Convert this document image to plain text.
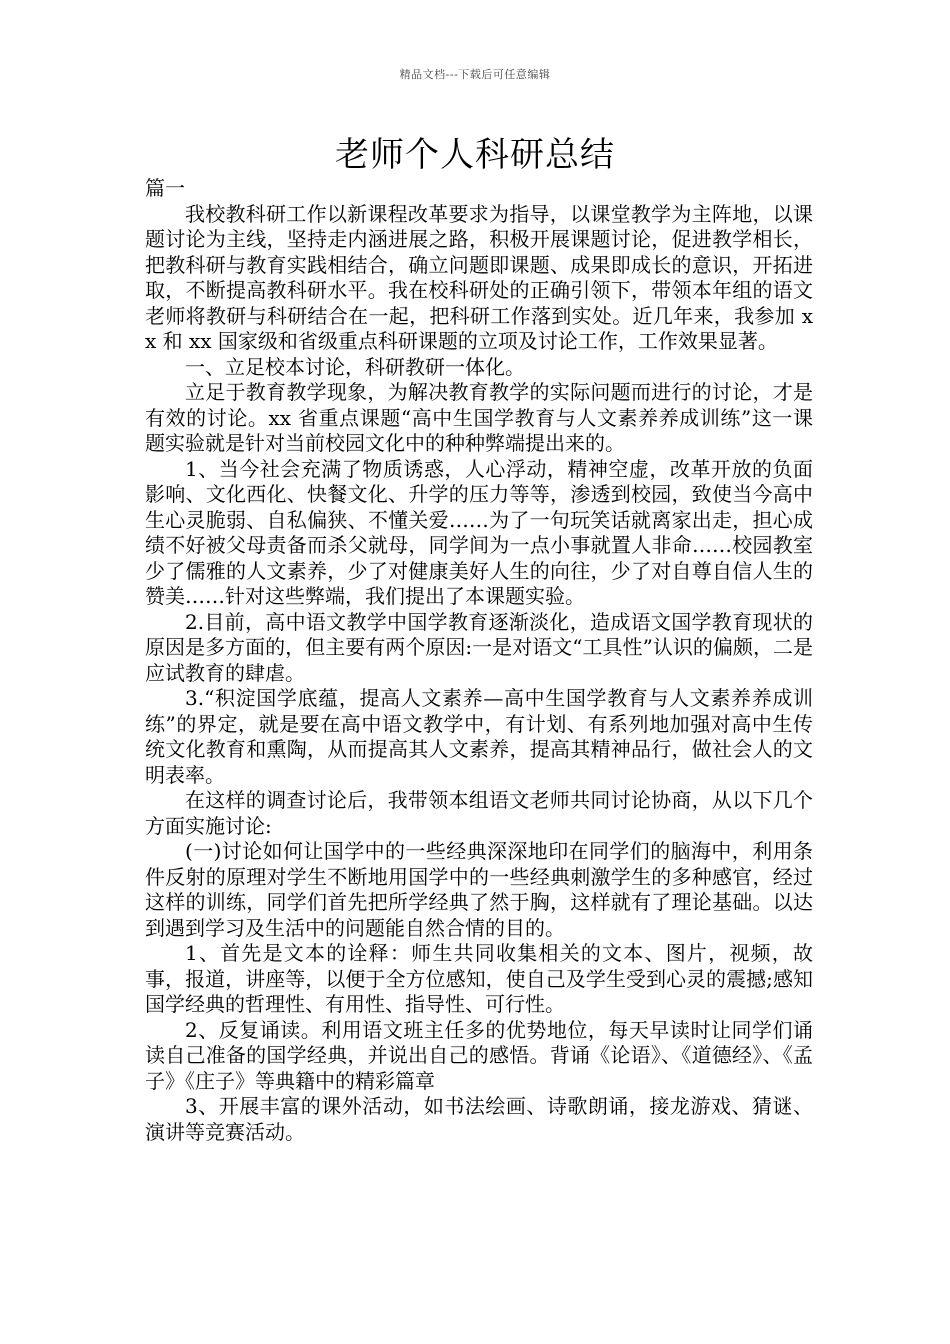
精品文档---下载后可任意编辑
老师个人科研总结

篇一

我校教科研工作以新课程改革要求为指导，以课堂教学为主阵地，以课题讨论为主线，坚持走内涵进展之路，积极开展课题讨论，促进教学相长，把教科研与教育实践相结合，确立问题即课题、成果即成长的意识，开拓进取，不断提高教科研水平。我在校科研处的正确引领下，带领本年组的语文老师将教研与科研结合在一起，把科研工作落到实处。近几年来，我参加 xx 和 xx 国家级和省级重点科研课题的立项及讨论工作，工作效果显著。

一、立足校本讨论，科研教研一体化。

立足于教育教学现象，为解决教育教学的实际问题而进行的讨论，才是有效的讨论。xx 省重点课题“高中生国学教育与人文素养养成训练”这一课题实验就是针对当前校园文化中的种种弊端提出来的。

1、当今社会充满了物质诱惑，人心浮动，精神空虚，改革开放的负面影响、文化西化、快餐文化、升学的压力等等，渗透到校园，致使当今高中生心灵脆弱、自私偏狭、不懂关爱……为了一句玩笑话就离家出走，担心成绩不好被父母责备而杀父就母，同学间为一点小事就置人非命……校园教室少了儒雅的人文素养，少了对健康美好人生的向往，少了对自尊自信人生的赞美……针对这些弊端，我们提出了本课题实验。

2.目前，高中语文教学中国学教育逐渐淡化，造成语文国学教育现状的原因是多方面的，但主要有两个原因:一是对语文“工具性”认识的偏颇，二是应试教育的肆虐。

3.“积淀国学底蕴，提高人文素养—高中生国学教育与人文素养养成训练”的界定，就是要在高中语文教学中，有计划、有系列地加强对高中生传统文化教育和熏陶，从而提高其人文素养，提高其精神品行，做社会人的文明表率。

在这样的调查讨论后，我带领本组语文老师共同讨论协商，从以下几个方面实施讨论:

(一)讨论如何让国学中的一些经典深深地印在同学们的脑海中，利用条件反射的原理对学生不断地用国学中的一些经典刺激学生的多种感官，经过这样的训练，同学们首先把所学经典了然于胸，这样就有了理论基础。以达到遇到学习及生活中的问题能自然合情的目的。

1、首先是文本的诠释：师生共同收集相关的文本、图片，视频，故事，报道，讲座等，以便于全方位感知，使自己及学生受到心灵的震撼;感知国学经典的哲理性、有用性、指导性、可行性。

2、反复诵读。利用语文班主任多的优势地位，每天早读时让同学们诵读自己准备的国学经典，并说出自己的感悟。背诵《论语》、《道德经》、《孟子》《庄子》等典籍中的精彩篇章

3、开展丰富的课外活动，如书法绘画、诗歌朗诵，接龙游戏、猜谜、演讲等竞赛活动。
